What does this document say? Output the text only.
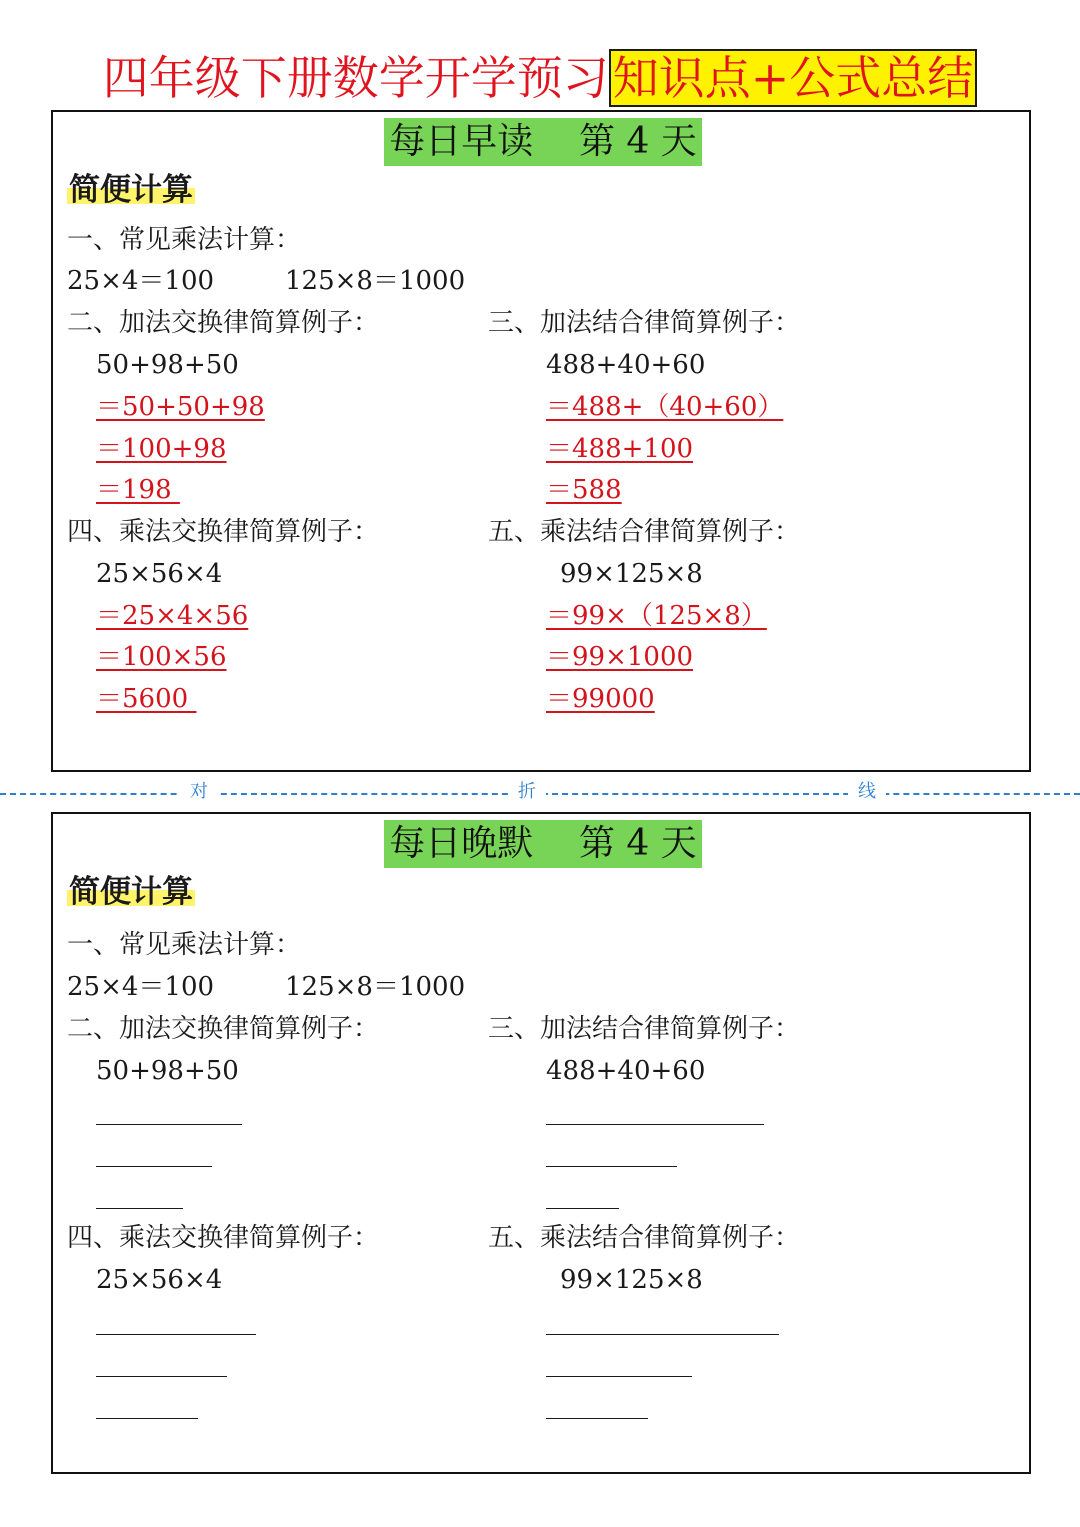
四年级下册数学开学预习知识点+公式总结
每日早读    第 4 天
简便计算
一、常见乘法计算：
25×4＝100	125×8＝1000
二、加法交换律简算例子：
50+98+50
＝50+50+98
＝100+98
＝198
三、加法结合律简算例子：
488+40+60
＝488+（40+60）
＝488+100
＝588
四、乘法交换律简算例子：
25×56×4
＝25×4×56
＝100×56
＝5600
五、乘法结合律简算例子：
99×125×8
＝99×（125×8）
＝99×1000
＝99000
对	折	线
每日晚默    第 4 天
简便计算
一、常见乘法计算：
25×4＝100	125×8＝1000
二、加法交换律简算例子：
50+98+50
三、加法结合律简算例子：
488+40+60
四、乘法交换律简算例子：
25×56×4
五、乘法结合律简算例子：
99×125×8
